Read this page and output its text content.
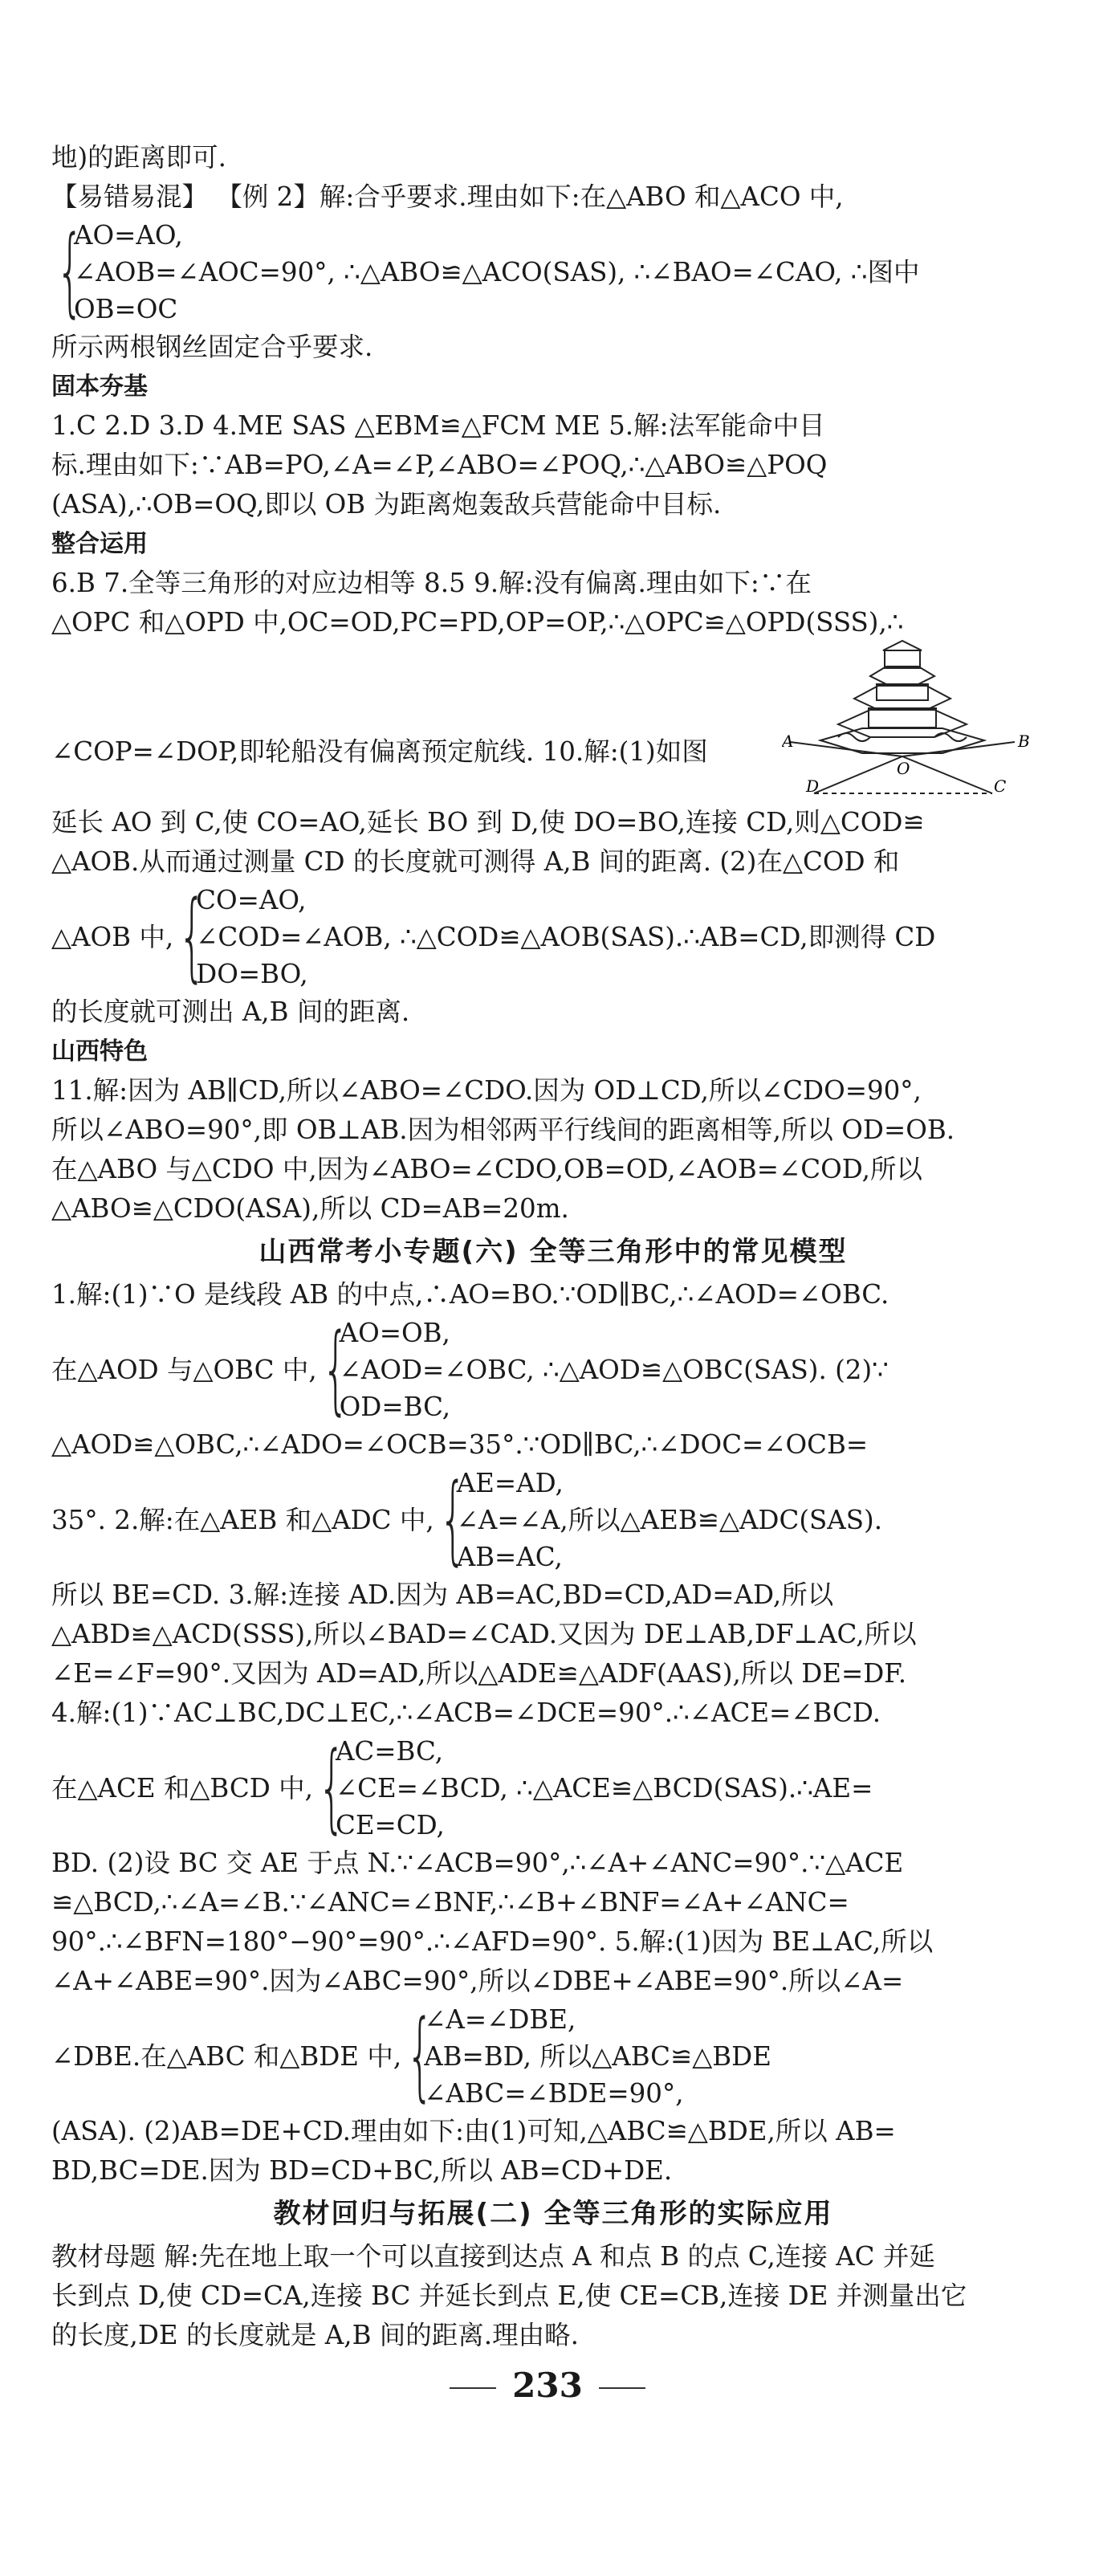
地)的距离即可.
【易错易混】 【例 2】解:合乎要求.理由如下:在△ABO 和△ACO 中,
{
AO=AO,
∠AOB=∠AOC=90°, ∴△ABO≌△ACO(SAS), ∴∠BAO=∠CAO, ∴图中
OB=OC
所示两根钢丝固定合乎要求.
固本夯基
1.C 2.D 3.D 4.ME SAS △EBM≌△FCM ME 5.解:法军能命中目
标.理由如下:∵AB=PO,∠A=∠P,∠ABO=∠POQ,∴△ABO≌△POQ
(ASA),∴OB=OQ,即以 OB 为距离炮轰敌兵营能命中目标.
整合运用
6.B 7.全等三角形的对应边相等 8.5 9.解:没有偏离.理由如下:∵在
△OPC 和△OPD 中,OC=OD,PC=PD,OP=OP,∴△OPC≌△OPD(SSS),∴
∠COP=∠DOP,即轮船没有偏离预定航线. 10.解:(1)如图	A	B
O
D	C
延长 AO 到 C,使 CO=AO,延长 BO 到 D,使 DO=BO,连接 CD,则△COD≌
△AOB.从而通过测量 CD 的长度就可测得 A,B 间的距离. (2)在△COD 和
△AOB 中, {
CO=AO,
∠COD=∠AOB, ∴△COD≌△AOB(SAS).∴AB=CD,即测得 CD
DO=BO,
的长度就可测出 A,B 间的距离.
山西特色
11.解:因为 AB∥CD,所以∠ABO=∠CDO.因为 OD⊥CD,所以∠CDO=90°,
所以∠ABO=90°,即 OB⊥AB.因为相邻两平行线间的距离相等,所以 OD=OB.
在△ABO 与△CDO 中,因为∠ABO=∠CDO,OB=OD,∠AOB=∠COD,所以
△ABO≌△CDO(ASA),所以 CD=AB=20m.
山西常考小专题(六) 全等三角形中的常见模型
1.解:(1)∵O 是线段 AB 的中点,∴AO=BO.∵OD∥BC,∴∠AOD=∠OBC.
在△AOD 与△OBC 中, {
AO=OB,
∠AOD=∠OBC, ∴△AOD≌△OBC(SAS). (2)∵
OD=BC,
△AOD≌△OBC,∴∠ADO=∠OCB=35°.∵OD∥BC,∴∠DOC=∠OCB=
35°. 2.解:在△AEB 和△ADC 中, {
AE=AD,
∠A=∠A,所以△AEB≌△ADC(SAS).
AB=AC,
所以 BE=CD. 3.解:连接 AD.因为 AB=AC,BD=CD,AD=AD,所以
△ABD≌△ACD(SSS),所以∠BAD=∠CAD.又因为 DE⊥AB,DF⊥AC,所以
∠E=∠F=90°.又因为 AD=AD,所以△ADE≌△ADF(AAS),所以 DE=DF.
4.解:(1)∵AC⊥BC,DC⊥EC,∴∠ACB=∠DCE=90°.∴∠ACE=∠BCD.
在△ACE 和△BCD 中, {
AC=BC,
∠CE=∠BCD, ∴△ACE≌△BCD(SAS).∴AE=
CE=CD,
BD. (2)设 BC 交 AE 于点 N.∵∠ACB=90°,∴∠A+∠ANC=90°.∵△ACE
≌△BCD,∴∠A=∠B.∵∠ANC=∠BNF,∴∠B+∠BNF=∠A+∠ANC=
90°.∴∠BFN=180°−90°=90°.∴∠AFD=90°. 5.解:(1)因为 BE⊥AC,所以
∠A+∠ABE=90°.因为∠ABC=90°,所以∠DBE+∠ABE=90°.所以∠A=
∠DBE.在△ABC 和△BDE 中, {
∠A=∠DBE,
AB=BD, 所以△ABC≌△BDE
∠ABC=∠BDE=90°,
(ASA). (2)AB=DE+CD.理由如下:由(1)可知,△ABC≌△BDE,所以 AB=
BD,BC=DE.因为 BD=CD+BC,所以 AB=CD+DE.
教材回归与拓展(二) 全等三角形的实际应用
教材母题 解:先在地上取一个可以直接到达点 A 和点 B 的点 C,连接 AC 并延
长到点 D,使 CD=CA,连接 BC 并延长到点 E,使 CE=CB,连接 DE 并测量出它
的长度,DE 的长度就是 A,B 间的距离.理由略.
233
